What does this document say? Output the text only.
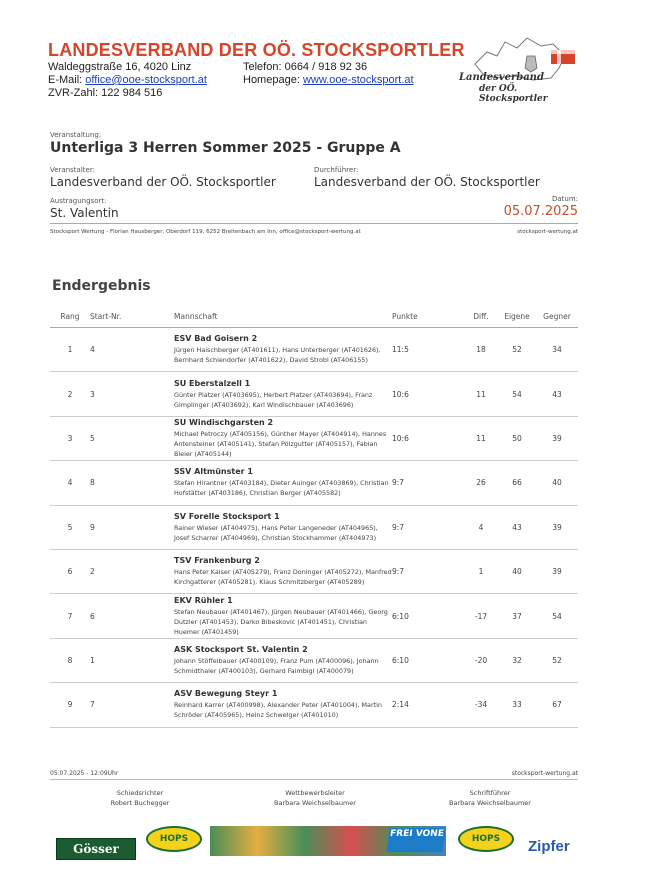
LANDESVERBAND DER OÖ. STOCKSPORTLER
Waldeggstraße 16, 4020 Linz	Telefon: 0664 / 918 92 36
E-Mail: office@ooe-stocksport.at	Homepage: www.ooe-stocksport.at
ZVR-Zahl: 122 984 516
Landesverband
der OÖ. Stocksportler
Veranstaltung:
Unterliga 3 Herren Sommer 2025 - Gruppe A
Veranstalter:
Landesverband der OÖ. Stocksportler
Durchführer:
Landesverband der OÖ. Stocksportler
Austragungsort:
St. Valentin
Datum:
05.07.2025
Stocksport Wertung - Florian Hausberger, Oberdorf 119, 6252 Breitenbach am Inn, office@stocksport-wertung.at	stocksport-wertung.at
Endergebnis
Rang	Start-Nr.	Mannschaft	Punkte	Diff.	Eigene	Gegner
1	4	ESV Bad Goisern 2
Jürgen Haischberger (AT401611), Hans Unterberger (AT401626), Bernhard Schiendorfer (AT401622), David Strobl (AT406155)	11:5	18	52	34
2	3	SU Eberstalzell 1
Günter Platzer (AT403695), Herbert Platzer (AT403694), Franz Gimplinger (AT403692), Karl Windischbauer (AT403696)	10:6	11	54	43
3	5	SU Windischgarsten 2
Michael Petroczy (AT405156), Günther Mayer (AT404914), Hannes Antensteiner (AT405141), Stefan Pölzgutter (AT405157), Fabian Bleier (AT405144)	10:6	11	50	39
4	8	SSV Altmünster 1
Stefan Hirantner (AT403184), Dieter Auinger (AT403869), Christian Hofstätter (AT403186), Christian Berger (AT405582)	9:7	26	66	40
5	9	SV Forelle Stocksport 1
Rainer Wieser (AT404975), Hans Peter Langeneder (AT404965), Josef Scharrer (AT404969), Christian Stockhammer (AT404973)	9:7	4	43	39
6	2	TSV Frankenburg 2
Hans Peter Kaiser (AT405279), Franz Doninger (AT405272), Manfred Kirchgatterer (AT405281), Klaus Schmitzberger (AT405289)	9:7	1	40	39
7	6	EKV Rühler 1
Stefan Neubauer (AT401467), Jürgen Neubauer (AT401466), Georg Dutzler (AT401453), Darko Bibeskovic (AT401451), Christian Huemer (AT401459)	6:10	-17	37	54
8	1	ASK Stocksport St. Valentin 2
Johann Stöffelbauer (AT400109), Franz Pum (AT400096), Johann Schmidthaler (AT400103), Gerhard Faimbigl (AT400079)	6:10	-20	32	52
9	7	ASV Bewegung Steyr 1
Reinhard Karrer (AT400998), Alexander Peter (AT401004), Martin Schröder (AT405965), Heinz Schwelger (AT401010)	2:14	-34	33	67
05.07.2025 - 12:09Uhr	stocksport-wertung.at
Schiedsrichter
Robert Buchegger
Wettbewerbsleiter
Barbara Weichselbaumer
Schriftführer
Barbara Weichselbaumer
Gösser
HOPS	FREI VONE	HOPS	Zipfer
